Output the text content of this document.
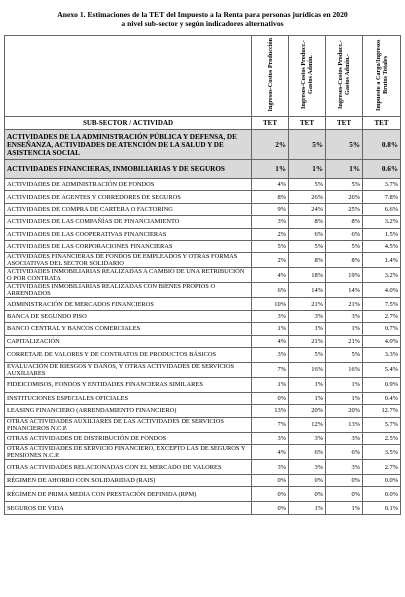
Anexo 1. Estimaciones de la TET del Impuesto a la Renta para personas jurídicas en 2020
a nivel sub-sector y según indicadores alternativos
	Ingresos-Costos Producción	Ingresos-Costos Producc.-Gastos Admin.	Ingresos-Costos Producc.-Gastos Admin.-	Impuesto a Cargo/Ingresos Brutos Totales
SUB-SECTOR / ACTIVIDAD	TET	TET	TET	TET
ACTIVIDADES DE LA ADMINISTRACIÓN PÚBLICA Y DEFENSA, DE ENSEÑANZA, ACTIVIDADES DE ATENCIÓN DE LA SALUD Y DE ASISTENCIA SOCIAL	2%	5%	5%	0.8%
ACTIVIDADES FINANCIERAS, INMOBILIARIAS Y DE SEGUROS	1%	1%	1%	0.6%
ACTIVIDADES DE ADMINISTRACIÓN DE FONDOS	4%	5%	5%	3.7%
ACTIVIDADES DE AGENTES Y CORREDORES DE SEGUROS	8%	26%	26%	7.8%
ACTIVIDADES DE COMPRA DE CARTERA O FACTORING	9%	24%	25%	6.6%
ACTIVIDADES DE LAS COMPAÑÍAS DE FINANCIAMIENTO	3%	8%	8%	3.2%
ACTIVIDADES DE LAS COOPERATIVAS FINANCIERAS	2%	6%	6%	1.5%
ACTIVIDADES DE LAS CORPORACIONES FINANCIERAS	5%	5%	5%	4.5%
ACTIVIDADES FINANCIERAS DE FONDOS DE EMPLEADOS Y OTRAS FORMAS ASOCIATIVAS DEL SECTOR SOLIDARIO	2%	8%	8%	1.4%
ACTIVIDADES INMOBILIARIAS REALIZADAS A CAMBIO DE UNA RETRIBUCIÓN O POR CONTRATA	4%	18%	19%	3.2%
ACTIVIDADES INMOBILIARIAS REALIZADAS CON BIENES PROPIOS O ARRENDADOS	6%	14%	14%	4.0%
ADMINISTRACIÓN DE MERCADOS FINANCIEROS	10%	21%	21%	7.5%
BANCA DE SEGUNDO PISO	3%	3%	3%	2.7%
BANCO CENTRAL Y BANCOS COMERCIALES	1%	1%	1%	0.7%
CAPITALIZACIÓN	4%	21%	21%	4.0%
CORRETAJE DE VALORES Y DE CONTRATOS DE PRODUCTOS BÁSICOS	3%	5%	5%	3.3%
EVALUACIÓN DE RIESGOS Y DAÑOS, Y OTRAS ACTIVIDADES DE SERVICIOS AUXILIARES	7%	16%	16%	5.4%
FIDEICOMISOS, FONDOS Y ENTIDADES FINANCIERAS SIMILARES	1%	1%	1%	0.9%
INSTITUCIONES ESPECIALES OFICIALES	0%	1%	1%	0.4%
LEASING FINANCIERO (ARRENDAMIENTO FINANCIERO)	13%	20%	20%	12.7%
OTRAS ACTIVIDADES AUXILIARES DE LAS ACTIVIDADES DE SERVICIOS FINANCIEROS N.C.P.	7%	12%	13%	5.7%
OTRAS ACTIVIDADES DE DISTRIBUCIÓN DE FONDOS	3%	3%	3%	2.5%
OTRAS ACTIVIDADES DE SERVICIO FINANCIERO, EXCEPTO LAS DE SEGUROS Y PENSIONES N.C.P.	4%	6%	6%	3.5%
OTRAS ACTIVIDADES RELACIONADAS CON EL MERCADO DE VALORES	3%	3%	3%	2.7%
RÉGIMEN DE AHORRO CON SOLIDARIDAD (RAIS)	0%	0%	0%	0.0%
RÉGIMEN DE PRIMA MEDIA CON PRESTACIÓN DEFINIDA (RPM)	0%	0%	0%	0.0%
SEGUROS DE VIDA	0%	1%	1%	0.1%
